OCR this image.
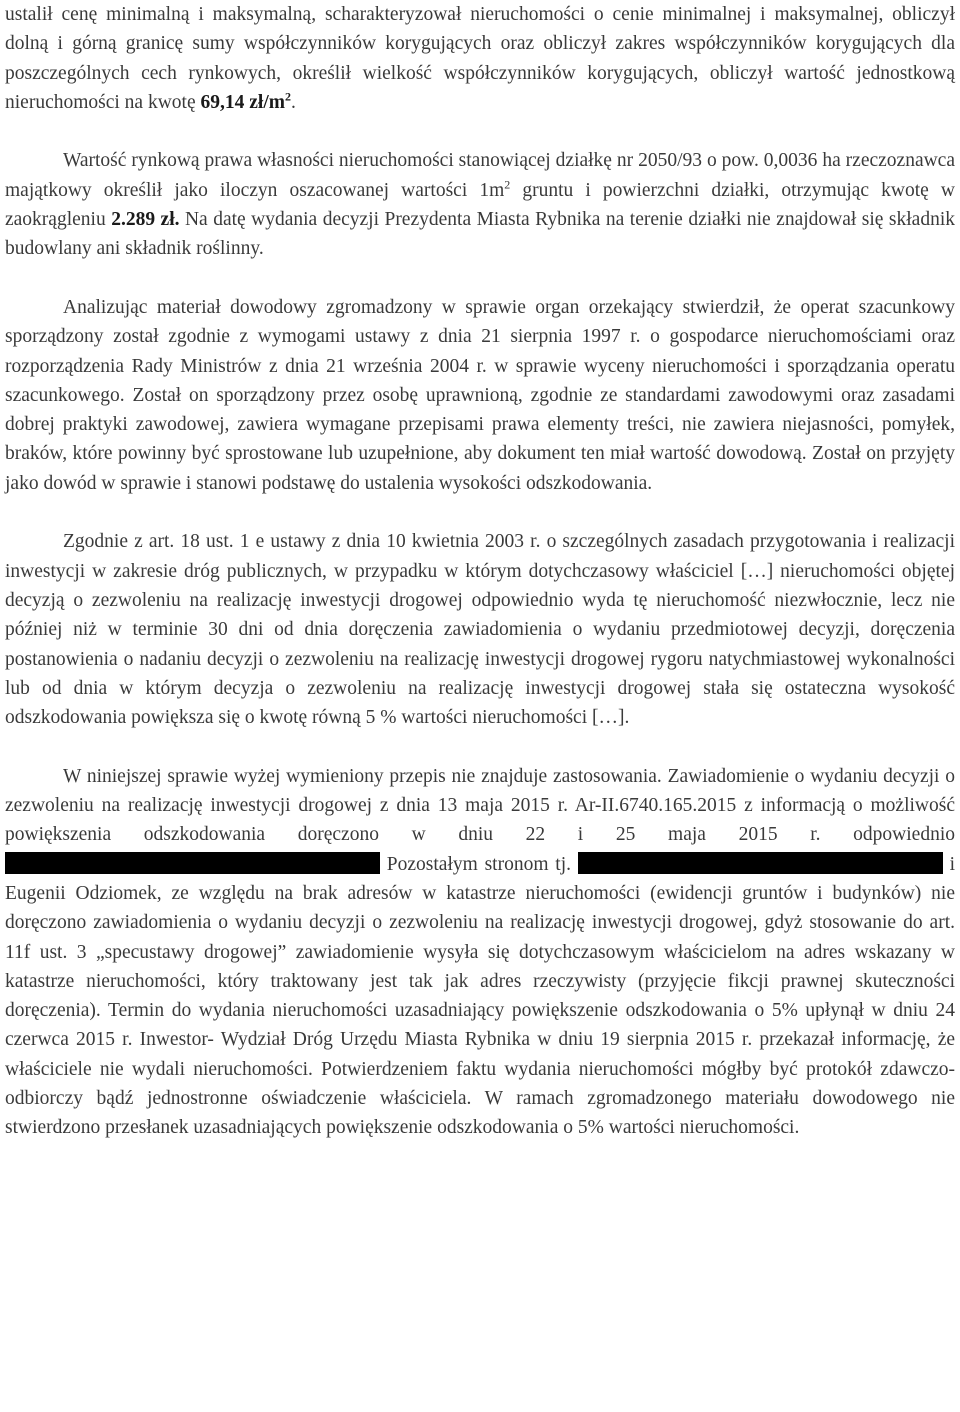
ustalił cenę minimalną i maksymalną, scharakteryzował nieruchomości o cenie minimalnej i maksymalnej, obliczył dolną i górną granicę sumy współczynników korygujących oraz obliczył zakres współczynników korygujących dla poszczególnych cech rynkowych, określił wielkość współczynników korygujących, obliczył wartość jednostkową nieruchomości na kwotę 69,14 $zł/m^2$.

Wartość rynkową prawa własności nieruchomości stanowiącej działkę nr 2050/93 o pow. 0,0036 ha rzeczoznawca majątkowy określił jako iloczyn oszacowanej wartości $1m^2$ gruntu i powierzchni działki, otrzymując kwotę w zaokrągleniu 2.289 zł. Na datę wydania decyzji Prezydenta Miasta Rybnika na terenie działki nie znajdował się składnik budowlany ani składnik roślinny.

Analizując materiał dowodowy zgromadzony w sprawie organ orzekający stwierdził, że operat szacunkowy sporządzony został zgodnie z wymogami ustawy z dnia 21 sierpnia 1997 r. o gospodarce nieruchomościami oraz rozporządzenia Rady Ministrów z dnia 21 września 2004 r. w sprawie wyceny nieruchomości i sporządzania operatu szacunkowego. Został on sporządzony przez osobę uprawnioną, zgodnie ze standardami zawodowymi oraz zasadami dobrej praktyki zawodowej, zawiera wymagane przepisami prawa elementy treści, nie zawiera niejasności, pomyłek, braków, które powinny być sprostowane lub uzupełnione, aby dokument ten miał wartość dowodową. Został on przyjęty jako dowód w sprawie i stanowi podstawę do ustalenia wysokości odszkodowania.

Zgodnie z art. 18 ust. 1 e ustawy z dnia 10 kwietnia 2003 r. o szczególnych zasadach przygotowania i realizacji inwestycji w zakresie dróg publicznych, w przypadku w którym dotychczasowy właściciel […] nieruchomości objętej decyzją o zezwoleniu na realizację inwestycji drogowej odpowiednio wyda tę nieruchomość niezwłocznie, lecz nie później niż w terminie 30 dni od dnia doręczenia zawiadomienia o wydaniu przedmiotowej decyzji, doręczenia postanowienia o nadaniu decyzji o zezwoleniu na realizację inwestycji drogowej rygoru natychmiastowej wykonalności lub od dnia w którym decyzja o zezwoleniu na realizację inwestycji drogowej stała się ostateczna wysokość odszkodowania powiększa się o kwotę równą 5 % wartości nieruchomości […].

W niniejszej sprawie wyżej wymieniony przepis nie znajduje zastosowania. Zawiadomienie o wydaniu decyzji o zezwoleniu na realizację inwestycji drogowej z dnia 13 maja 2015 r. Ar-II.6740.165.2015 z informacją o możliwość powiększenia odszkodowania doręczono w dniu 22 i 25 maja 2015 r. odpowiednio  Pozostałym stronom tj.	i Eugenii Odziomek, ze względu na brak adresów w katastrze nieruchomości (ewidencji gruntów i budynków) nie doręczono zawiadomienia o wydaniu decyzji o zezwoleniu na realizację inwestycji drogowej, gdyż stosowanie do art. 11f ust. 3 „specustawy drogowej” zawiadomienie wysyła się dotychczasowym właścicielom na adres wskazany w katastrze nieruchomości, który traktowany jest tak jak adres rzeczywisty (przyjęcie fikcji prawnej skuteczności doręczenia). Termin do wydania nieruchomości uzasadniający powiększenie odszkodowania o 5% upłynął w dniu 24 czerwca 2015 r. Inwestor- Wydział Dróg Urzędu Miasta Rybnika w dniu 19 sierpnia 2015 r. przekazał informację, że właściciele nie wydali nieruchomości. Potwierdzeniem faktu wydania nieruchomości mógłby być protokół zdawczo-odbiorczy bądź jednostronne oświadczenie właściciela. W ramach zgromadzonego materiału dowodowego nie stwierdzono przesłanek uzasadniających powiększenie odszkodowania o 5% wartości nieruchomości.
